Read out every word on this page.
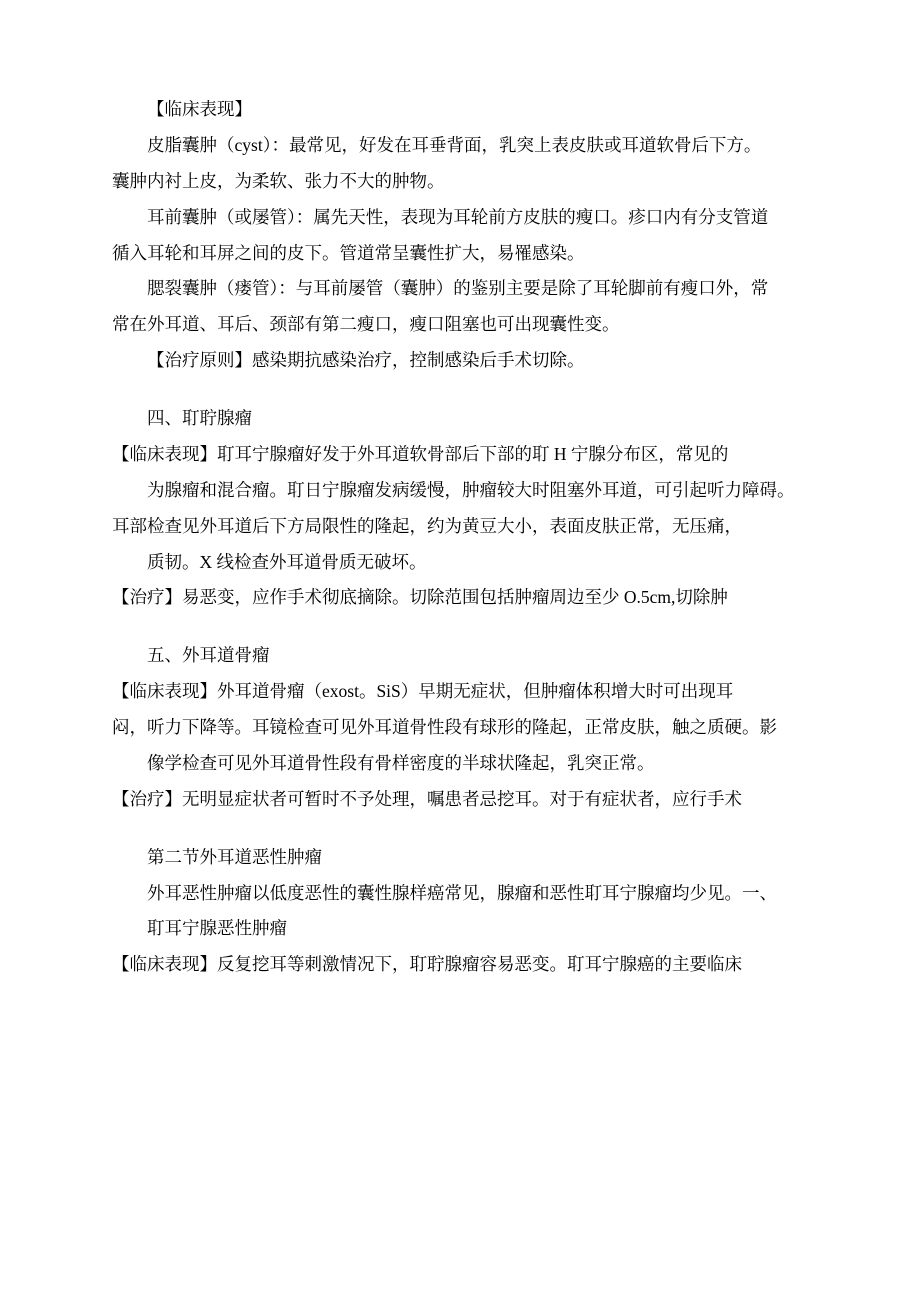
【临床表现】

皮脂囊肿（cyst）：最常见，好发在耳垂背面，乳突上表皮肤或耳道软骨后下方。

囊肿内衬上皮，为柔软、张力不大的肿物。

耳前囊肿（或屡管）：属先天性，表现为耳轮前方皮肤的瘦口。疹口内有分支管道

循入耳轮和耳屏之间的皮下。管道常呈囊性扩大，易罹感染。

腮裂囊肿（瘘管）：与耳前屡管（囊肿）的鉴别主要是除了耳轮脚前有瘦口外，常

常在外耳道、耳后、颈部有第二瘦口，瘦口阻塞也可出现囊性变。

【治疗原则】感染期抗感染治疗，控制感染后手术切除。

四、耵聍腺瘤

【临床表现】耵耳宁腺瘤好发于外耳道软骨部后下部的耵 H 宁腺分布区，常见的

为腺瘤和混合瘤。耵日宁腺瘤发病缓慢，肿瘤较大时阻塞外耳道，可引起听力障碍。

耳部检查见外耳道后下方局限性的隆起，约为黄豆大小，表面皮肤正常，无压痛，

质韧。X 线检查外耳道骨质无破坏。

【治疗】易恶变，应作手术彻底摘除。切除范围包括肿瘤周边至少 O.5cm,切除肿

五、外耳道骨瘤

【临床表现】外耳道骨瘤（exost。SiS）早期无症状，但肿瘤体积增大时可出现耳

闷，听力下降等。耳镜检查可见外耳道骨性段有球形的隆起，正常皮肤，触之质硬。影

像学检查可见外耳道骨性段有骨样密度的半球状隆起，乳突正常。

【治疗】无明显症状者可暂时不予处理，嘱患者忌挖耳。对于有症状者，应行手术

第二节外耳道恶性肿瘤

外耳恶性肿瘤以低度恶性的囊性腺样癌常见，腺瘤和恶性耵耳宁腺瘤均少见。一、

耵耳宁腺恶性肿瘤

【临床表现】反复挖耳等刺激情况下，耵聍腺瘤容易恶变。耵耳宁腺癌的主要临床
